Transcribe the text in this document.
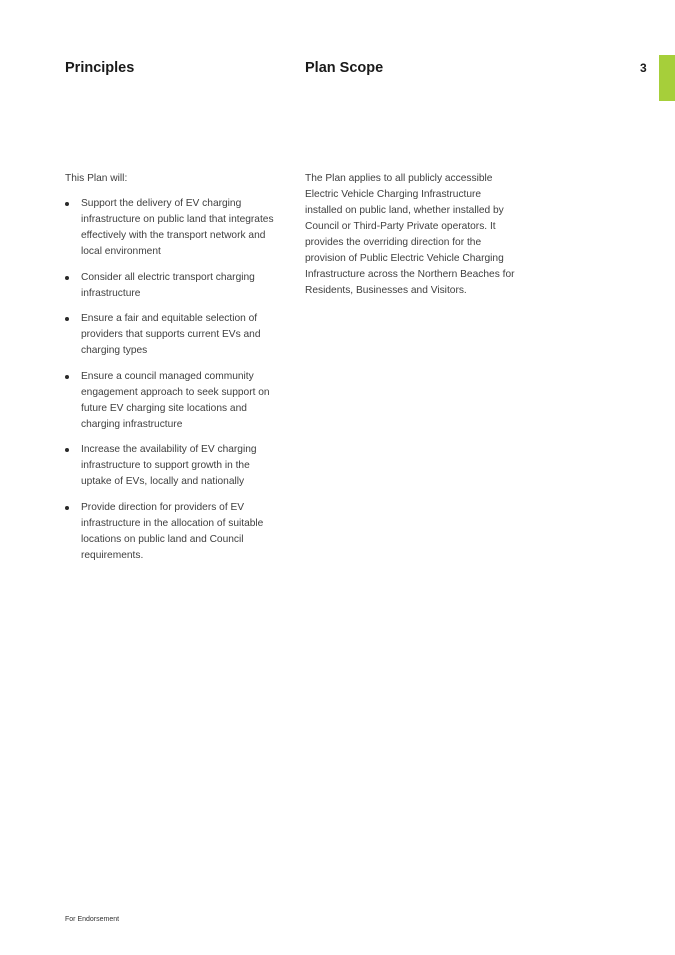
Principles	Plan Scope	3

This Plan will:

Support the delivery of EV charging infrastructure on public land that integrates effectively with the transport network and local environment
Consider all electric transport charging infrastructure
Ensure a fair and equitable selection of providers that supports current EVs and charging types
Ensure a council managed community engagement approach to seek support on future EV charging site locations and charging infrastructure
Increase the availability of EV charging infrastructure to support growth in the uptake of EVs, locally and nationally
Provide direction for providers of EV infrastructure in the allocation of suitable locations on public land and Council requirements.

The Plan applies to all publicly accessible Electric Vehicle Charging Infrastructure installed on public land, whether installed by Council or Third-Party Private operators. It provides the overriding direction for the provision of Public Electric Vehicle Charging Infrastructure across the Northern Beaches for Residents, Businesses and Visitors.

For Endorsement
